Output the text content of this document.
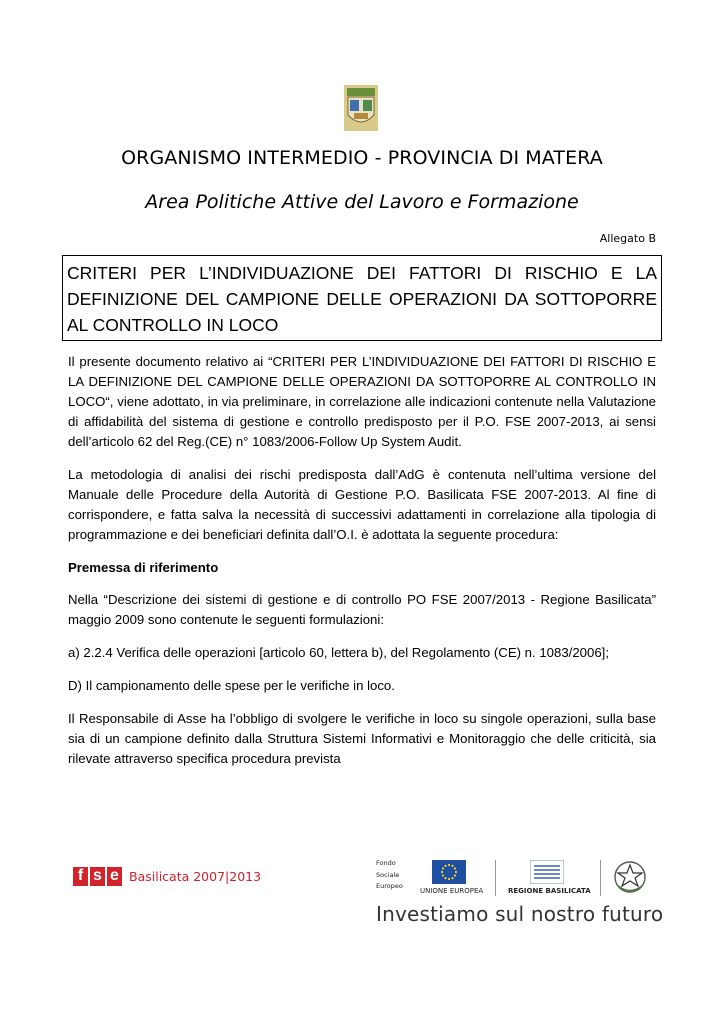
ORGANISMO INTERMEDIO - PROVINCIA DI MATERA
Area Politiche Attive del Lavoro e Formazione
Allegato B
CRITERI PER L’INDIVIDUAZIONE DEI FATTORI DI RISCHIO E LA DEFINIZIONE DEL CAMPIONE DELLE OPERAZIONI DA SOTTOPORRE AL CONTROLLO IN LOCO

Il presente documento relativo ai “CRITERI PER L’INDIVIDUAZIONE DEI FATTORI DI RISCHIO E LA DEFINIZIONE DEL CAMPIONE DELLE OPERAZIONI DA SOTTOPORRE AL CONTROLLO IN LOCO“, viene adottato, in via preliminare, in correlazione alle indicazioni contenute nella Valutazione di affidabilità del sistema di gestione e controllo predisposto per il P.O. FSE 2007-2013, ai sensi dell’articolo 62 del Reg.(CE) n° 1083/2006-Follow Up System Audit.

La metodologia di analisi dei rischi predisposta dall’AdG è contenuta nell’ultima versione del Manuale delle Procedure della Autorità di Gestione P.O. Basilicata FSE 2007-2013. Al fine di corrispondere, e fatta salva la necessità di successivi adattamenti in correlazione alla tipologia di programmazione e dei beneficiari definita dall’O.I. è adottata la seguente procedura:

Premessa di riferimento

Nella “Descrizione dei sistemi di gestione e di controllo PO FSE 2007/2013 - Regione Basilicata” maggio 2009 sono contenute le seguenti formulazioni:

a) 2.2.4 Verifica delle operazioni [articolo 60, lettera b), del Regolamento (CE) n. 1083/2006];

D) Il campionamento delle spese per le verifiche in loco.

Il Responsabile di Asse ha l’obbligo di svolgere le verifiche in loco su singole operazioni, sulla base sia di un campione definito dalla Struttura Sistemi Informativi e Monitoraggio che delle criticità, sia rilevate attraverso specifica procedura prevista

f s e Basilicata 2007|2013
Fondo
Sociale
Europeo
UNIONE EUROPEA	REGIONE BASILICATA
Investiamo sul nostro futuro
